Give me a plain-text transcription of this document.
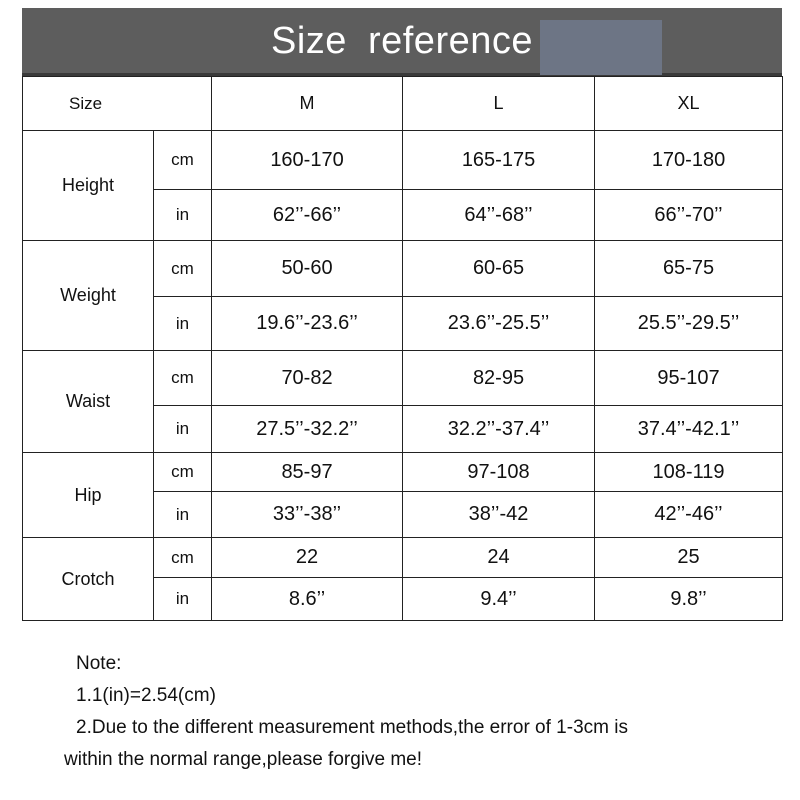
Size reference
Size		M	L	XL
Height	cm	160-170	165-175	170-180
	in	62’’-66’’	64’’-68’’	66’’-70’’
Weight	cm	50-60	60-65	65-75
	in	19.6’’-23.6’’	23.6’’-25.5’’	25.5’’-29.5’’
Waist	cm	70-82	82-95	95-107
	in	27.5’’-32.2’’	32.2’’-37.4’’	37.4’’-42.1’’
Hip	cm	85-97	97-108	108-119
	in	33’’-38’’	38’’-42	42’’-46’’
Crotch	cm	22	24	25
	in	8.6’’	9.4’’	9.8’’
Note:
1.1(in)=2.54(cm)
2.Due to the different measurement methods,the error of 1-3cm is
within the normal range,please forgive me!
